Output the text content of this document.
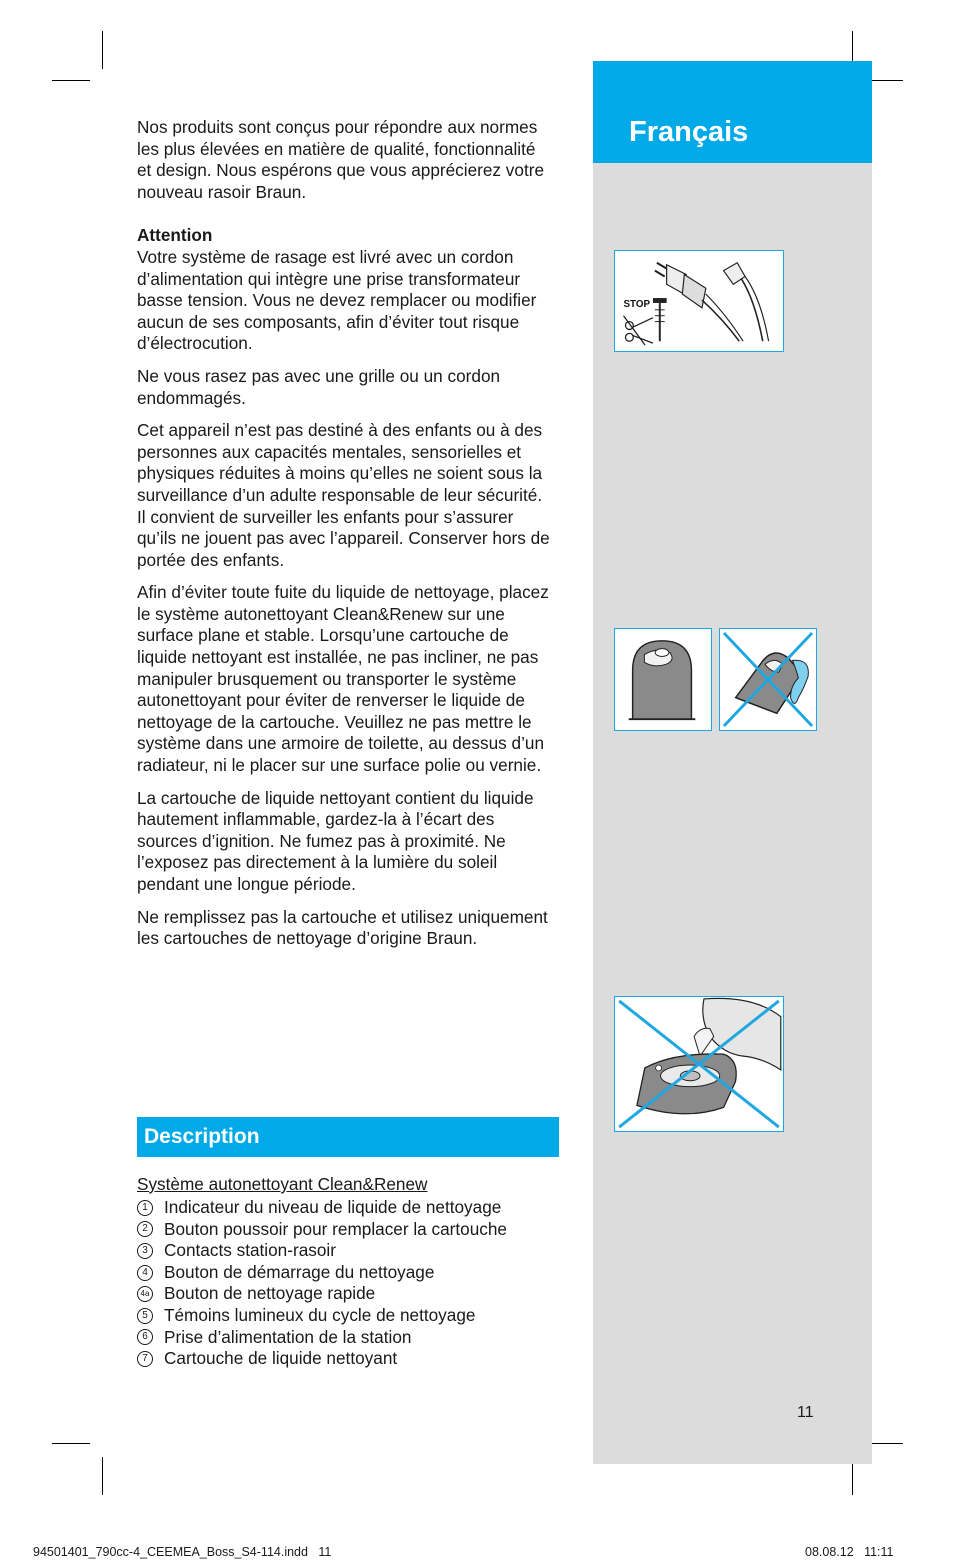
Français
STOP
11

Nos produits sont conçus pour répondre aux normes les plus élevées en matière de qualité, fonctionnalité et design. Nous espérons que vous apprécierez votre nouveau rasoir Braun.

Attention

Votre système de rasage est livré avec un cordon d’alimentation qui intègre une prise transformateur basse tension. Vous ne devez remplacer ou modifier aucun de ses composants, afin d’éviter tout risque d’électrocution.

Ne vous rasez pas avec une grille ou un cordon endommagés.

Cet appareil n’est pas destiné à des enfants ou à des personnes aux capacités mentales, sensorielles et physiques réduites à moins qu’elles ne soient sous la surveillance d’un adulte responsable de leur sécurité. Il convient de surveiller les enfants pour s’assurer qu’ils ne jouent pas avec l’appareil. Conserver hors de portée des enfants.

Afin d’éviter toute fuite du liquide de nettoyage, placez le système autonettoyant Clean&Renew sur une surface plane et stable. Lorsqu’une cartouche de liquide nettoyant est installée, ne pas incliner, ne pas manipuler brusquement ou transporter le système autonettoyant pour éviter de renverser le liquide de nettoyage de la cartouche. Veuillez ne pas mettre le système dans une armoire de toilette, au dessus d’un radiateur, ni le placer sur une surface polie ou vernie.

La cartouche de liquide nettoyant contient du liquide hautement inflammable, gardez-la à l’écart des sources d’ignition. Ne fumez pas à proximité. Ne l’exposez pas directement à la lumière du soleil pendant une longue période.

Ne remplissez pas la cartouche et utilisez uniquement les cartouches de nettoyage d’origine Braun.

Description
Système autonettoyant Clean&Renew
1 Indicateur du niveau de liquide de nettoyage
2 Bouton poussoir pour remplacer la cartouche
3 Contacts station-rasoir
4 Bouton de démarrage du nettoyage
4a Bouton de nettoyage rapide
5 Témoins lumineux du cycle de nettoyage
6 Prise d’alimentation de la station
7 Cartouche de liquide nettoyant
94501401_790cc-4_CEEMEA_Boss_S4-114.indd   11	08.08.12   11:11
